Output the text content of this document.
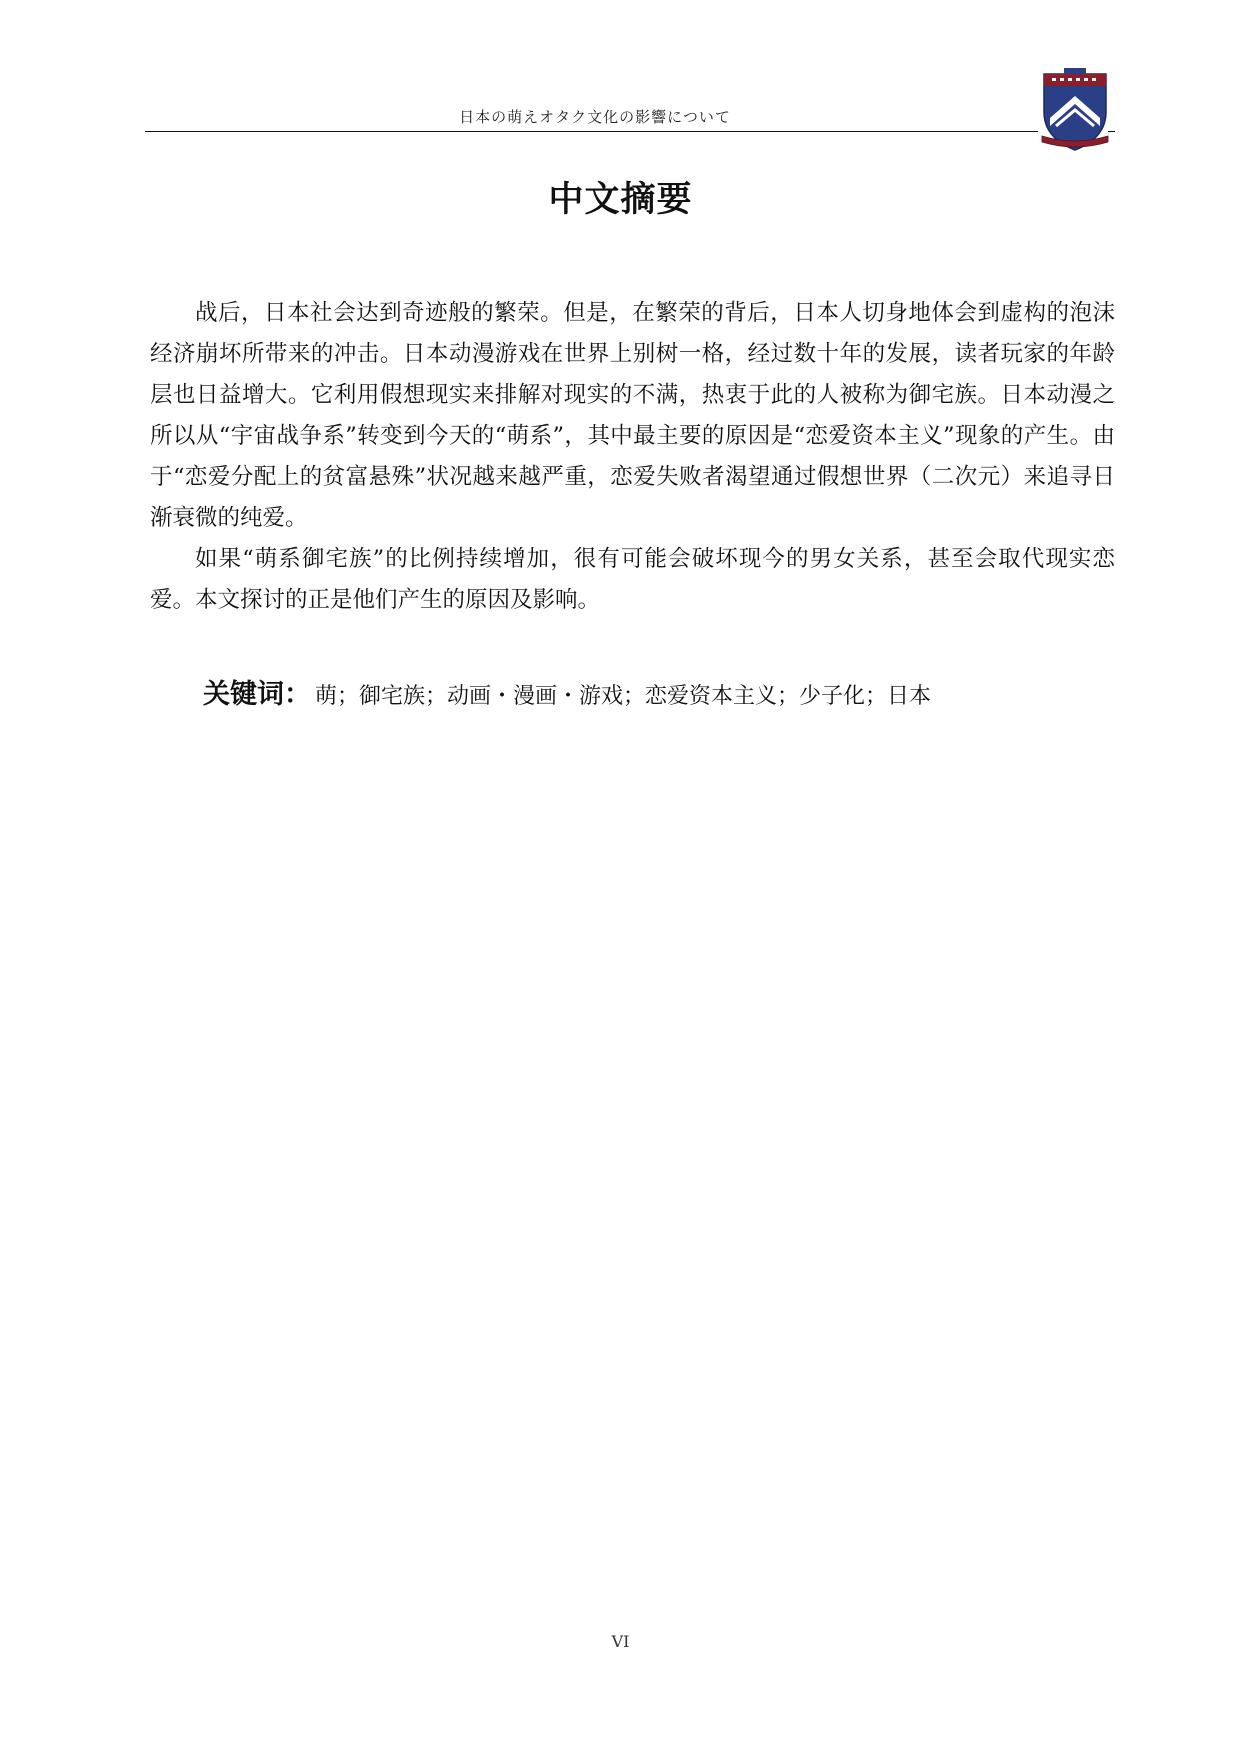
日本の萌えオタク文化の影響について
中文摘要

战后，日本社会达到奇迹般的繁荣。但是，在繁荣的背后，日本人切身地体会到虚构的泡沫经济崩坏所带来的冲击。日本动漫游戏在世界上别树一格，经过数十年的发展，读者玩家的年龄层也日益增大。它利用假想现实来排解对现实的不满，热衷于此的人被称为御宅族。日本动漫之所以从“宇宙战争系”转变到今天的“萌系”，其中最主要的原因是“恋爱资本主义”现象的产生。由于“恋爱分配上的贫富悬殊”状况越来越严重，恋爱失败者渴望通过假想世界（二次元）来追寻日渐衰微的纯爱。

如果“萌系御宅族”的比例持续增加，很有可能会破坏现今的男女关系，甚至会取代现实恋爱。本文探讨的正是他们产生的原因及影响。

关键词： 萌；御宅族；动画・漫画・游戏；恋爱资本主义；少子化；日本
VI
